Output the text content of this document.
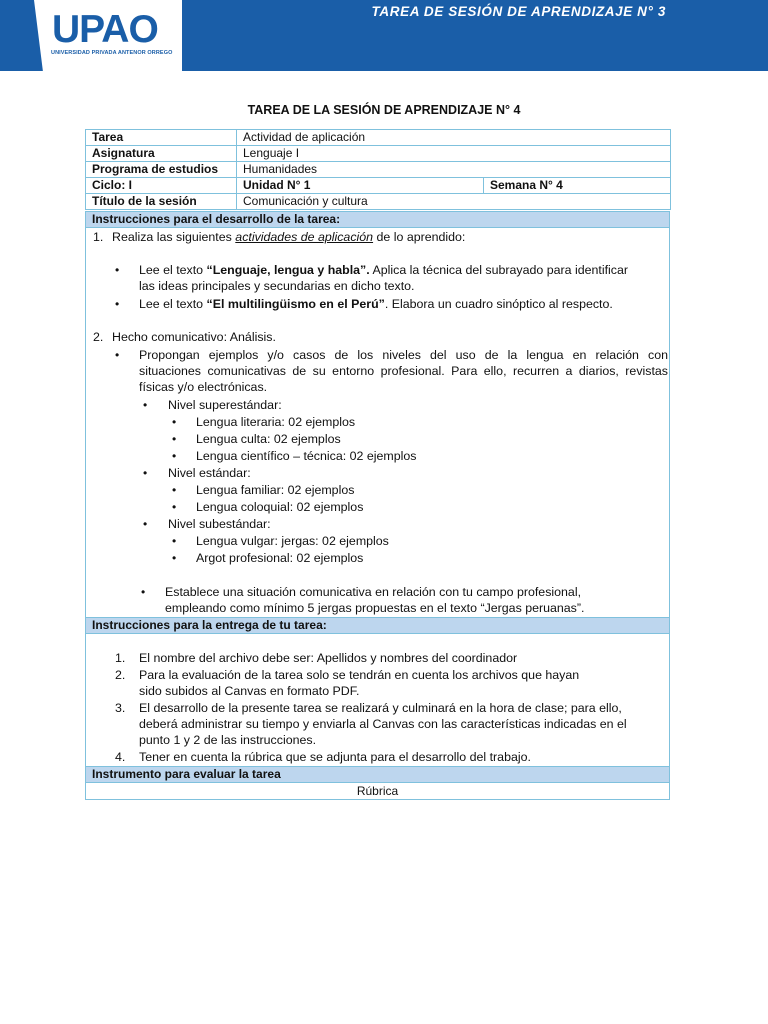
UPAO
UNIVERSIDAD PRIVADA ANTENOR ORREGO
TAREA DE SESIÓN DE APRENDIZAJE N° 3
TAREA DE LA SESIÓN DE APRENDIZAJE N° 4
Tarea	Actividad de aplicación	
Asignatura	Lenguaje I	
Programa de estudios	Humanidades	
Ciclo: I	Unidad N° 1	Semana N° 4
Título de la sesión	Comunicación y cultura	
Instrucciones para el desarrollo de la tarea:
1. Realiza las siguientes actividades de aplicación de lo aprendido:
• Lee el texto “Lenguaje, lengua y habla”. Aplica la técnica del subrayado para identificar
las ideas principales y secundarias en dicho texto.
• Lee el texto “El multilingüismo en el Perú”. Elabora un cuadro sinóptico al respecto.
2. Hecho comunicativo: Análisis.
• Propongan ejemplos y/o casos de los niveles del uso de la lengua en relación con
situaciones comunicativas de su entorno profesional. Para ello, recurren a diarios, revistas
físicas y/o electrónicas.
• Nivel superestándar:
• Lengua literaria: 02 ejemplos
• Lengua culta: 02 ejemplos
• Lengua científico – técnica: 02 ejemplos
• Nivel estándar:
• Lengua familiar: 02 ejemplos
• Lengua coloquial: 02 ejemplos
• Nivel subestándar:
• Lengua vulgar: jergas: 02 ejemplos
• Argot profesional: 02 ejemplos
• Establece una situación comunicativa en relación con tu campo profesional,
empleando como mínimo 5 jergas propuestas en el texto “Jergas peruanas”.
Instrucciones para la entrega de tu tarea:
1. El nombre del archivo debe ser: Apellidos y nombres del coordinador
2. Para la evaluación de la tarea solo se tendrán en cuenta los archivos que hayan
sido subidos al Canvas en formato PDF.
3. El desarrollo de la presente tarea se realizará y culminará en la hora de clase; para ello,
deberá administrar su tiempo y enviarla al Canvas con las características indicadas en el
punto 1 y 2 de las instrucciones.
4. Tener en cuenta la rúbrica que se adjunta para el desarrollo del trabajo.
Instrumento para evaluar la tarea
Rúbrica
